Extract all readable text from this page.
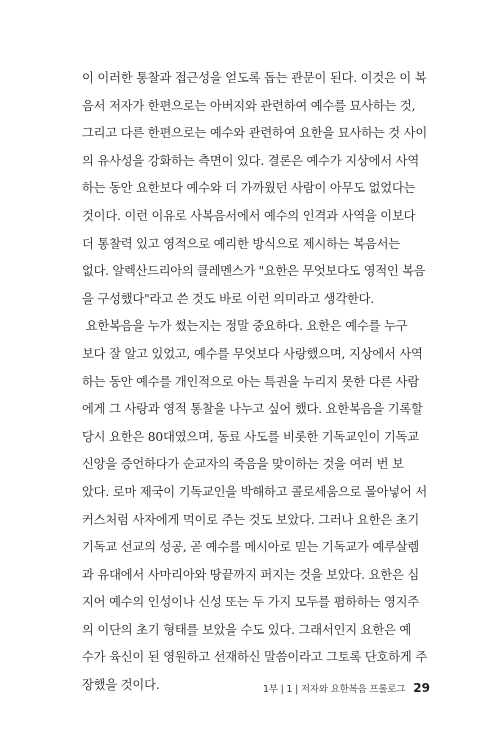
이 이러한 통찰과 접근성을 얻도록 돕는 관문이 된다. 이것은 이 복
음서 저자가 한편으로는 아버지와 관련하여 예수를 묘사하는 것,
그리고 다른 한편으로는 예수와 관련하여 요한을 묘사하는 것 사이
의 유사성을 강화하는 측면이 있다. 결론은 예수가 지상에서 사역
하는 동안 요한보다 예수와 더 가까웠던 사람이 아무도 없었다는
것이다. 이런 이유로 사복음서에서 예수의 인격과 사역을 이보다
더 통찰력 있고 영적으로 예리한 방식으로 제시하는 복음서는
없다. 알렉산드리아의 클레멘스가 "요한은 무엇보다도 영적인 복음
을 구성했다"라고 쓴 것도 바로 이런 의미라고 생각한다.
요한복음을 누가 썼는지는 정말 중요하다. 요한은 예수를 누구
보다 잘 알고 있었고, 예수를 무엇보다 사랑했으며, 지상에서 사역
하는 동안 예수를 개인적으로 아는 특권을 누리지 못한 다른 사람
에게 그 사랑과 영적 통찰을 나누고 싶어 했다. 요한복음을 기록할
당시 요한은 80대였으며, 동료 사도를 비롯한 기독교인이 기독교
신앙을 증언하다가 순교자의 죽음을 맞이하는 것을 여러 번 보
았다. 로마 제국이 기독교인을 박해하고 콜로세움으로 몰아넣어 서
커스처럼 사자에게 먹이로 주는 것도 보았다. 그러나 요한은 초기
기독교 선교의 성공, 곧 예수를 메시아로 믿는 기독교가 예루살렘
과 유대에서 사마리아와 땅끝까지 퍼지는 것을 보았다. 요한은 심
지어 예수의 인성이나 신성 또는 두 가지 모두를 폄하하는 영지주
의 이단의 초기 형태를 보았을 수도 있다. 그래서인지 요한은 예
수가 육신이 된 영원하고 선재하신 말씀이라고 그토록 단호하게 주
장했을 것이다.	1부 | 1 | 저자와 요한복음 프롤로그 29
